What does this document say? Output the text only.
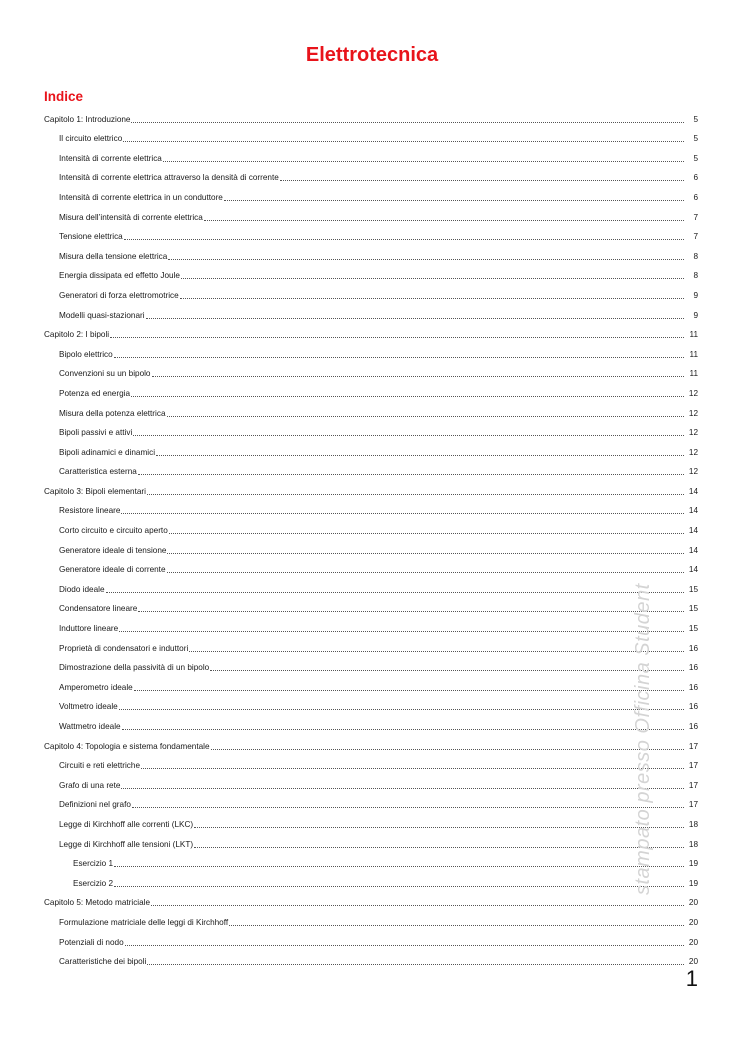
Elettrotecnica
Indice
Capitolo 1: Introduzione	5
Il circuito elettrico	5
Intensità di corrente elettrica	5
Intensità di corrente elettrica attraverso la densità di corrente	6
Intensità di corrente elettrica in un conduttore	6
Misura dell’intensità di corrente elettrica	7
Tensione elettrica	7
Misura della tensione elettrica	8
Energia dissipata ed effetto Joule	8
Generatori di forza elettromotrice	9
Modelli quasi-stazionari	9
Capitolo 2: I bipoli	11
Bipolo elettrico	11
Convenzioni su un bipolo	11
Potenza ed energia	12
Misura della potenza elettrica	12
Bipoli passivi e attivi	12
Bipoli adinamici e dinamici	12
Caratteristica esterna	12
Capitolo 3: Bipoli elementari	14
Resistore lineare	14
Corto circuito e circuito aperto	14
Generatore ideale di tensione	14
Generatore ideale di corrente	14
Diodo ideale	15
Condensatore lineare	15
Induttore lineare	15
Proprietà di condensatori e induttori	16
Dimostrazione della passività di un bipolo	16
Amperometro ideale	16
Voltmetro ideale	16
Wattmetro ideale	16
Capitolo 4: Topologia e sistema fondamentale	17
Circuiti e reti elettriche	17
Grafo di una rete	17
Definizioni nel grafo	17
Legge di Kirchhoff alle correnti (LKC)	18
Legge di Kirchhoff alle tensioni (LKT)	18
Esercizio 1	19
Esercizio 2	19
Capitolo 5: Metodo matriciale	20
Formulazione matriciale delle leggi di Kirchhoff	20
Potenziali di nodo	20
Caratteristiche dei bipoli	20
stampato presso Officina Student
1
